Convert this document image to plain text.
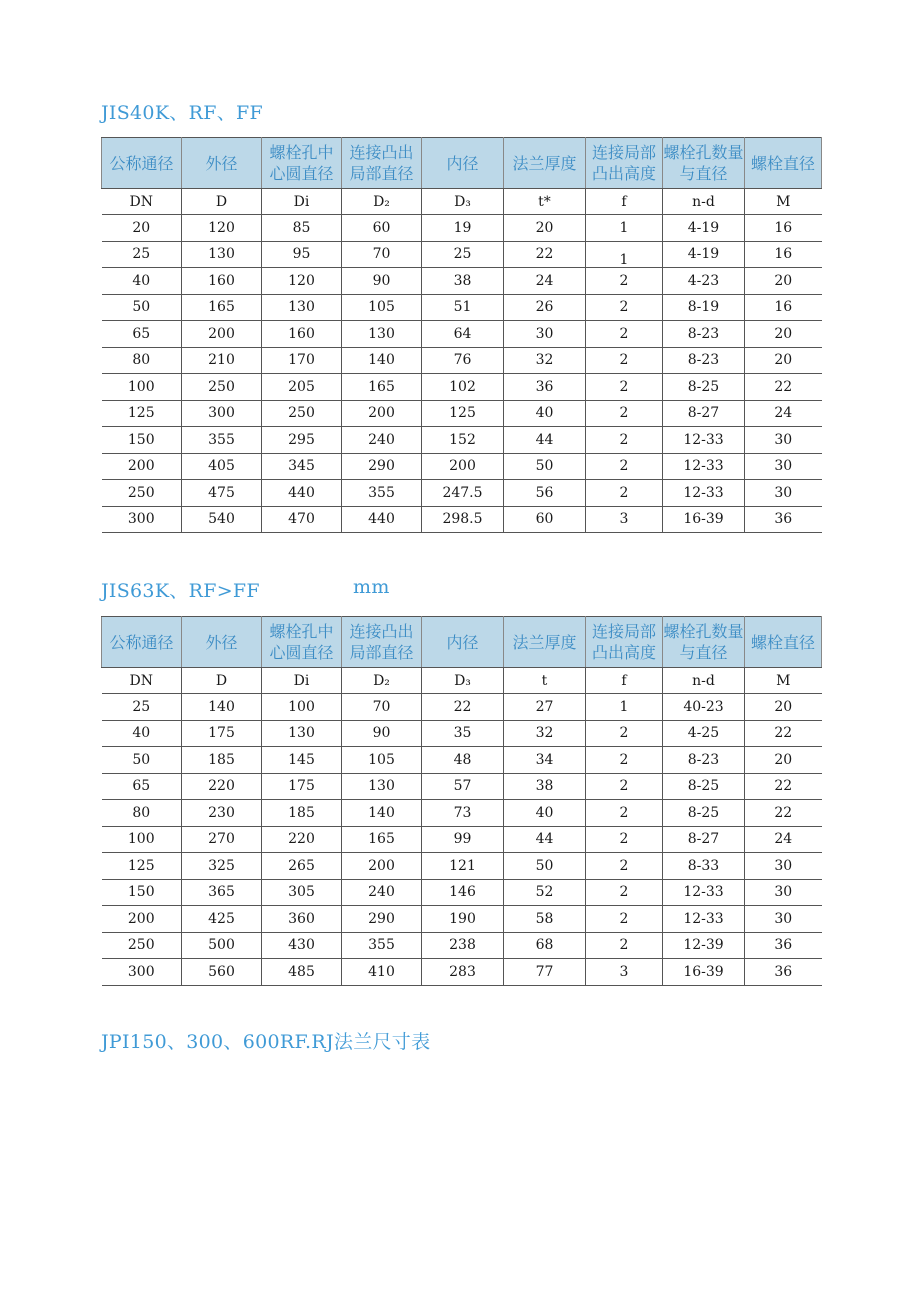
JIS40K、RF、FF
公称通径	外径	螺栓孔中心圆直径	连接凸出局部直径	内径	法兰厚度	连接局部凸出高度	螺栓孔数量与直径	螺栓直径
DN	D	Di	D₂	D₃	t*	f	n-d	M
20	120	85	60	19	20	1	4-19	16
25	130	95	70	25	22	1	4-19	16
40	160	120	90	38	24	2	4-23	20
50	165	130	105	51	26	2	8-19	16
65	200	160	130	64	30	2	8-23	20
80	210	170	140	76	32	2	8-23	20
100	250	205	165	102	36	2	8-25	22
125	300	250	200	125	40	2	8-27	24
150	355	295	240	152	44	2	12-33	30
200	405	345	290	200	50	2	12-33	30
250	475	440	355	247.5	56	2	12-33	30
300	540	470	440	298.5	60	3	16-39	36
JIS63K、RF>FF	mm
公称通径	外径	螺栓孔中心圆直径	连接凸出局部直径	内径	法兰厚度	连接局部凸出高度	螺栓孔数量与直径	螺栓直径
DN	D	Di	D₂	D₃	t	f	n-d	M
25	140	100	70	22	27	1	40-23	20
40	175	130	90	35	32	2	4-25	22
50	185	145	105	48	34	2	8-23	20
65	220	175	130	57	38	2	8-25	22
80	230	185	140	73	40	2	8-25	22
100	270	220	165	99	44	2	8-27	24
125	325	265	200	121	50	2	8-33	30
150	365	305	240	146	52	2	12-33	30
200	425	360	290	190	58	2	12-33	30
250	500	430	355	238	68	2	12-39	36
300	560	485	410	283	77	3	16-39	36
JPI150、300、600RF.RJ法兰尺寸表
